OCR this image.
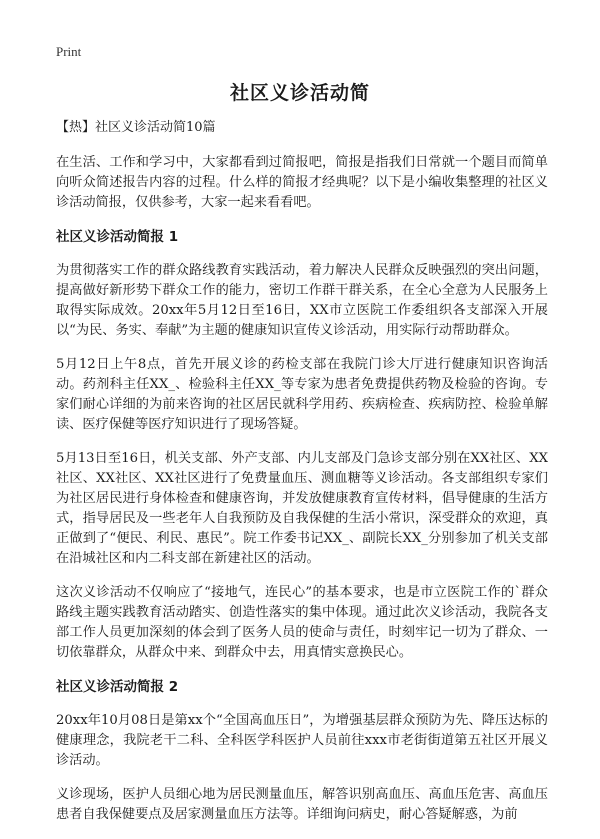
Print
社区义诊活动简
【热】社区义诊活动简10篇

在生活、工作和学习中，大家都看到过简报吧，简报是指我们日常就一个题目而简单向听众简述报告内容的过程。什么样的简报才经典呢？以下是小编收集整理的社区义诊活动简报，仅供参考，大家一起来看看吧。

社区义诊活动简报 1

为贯彻落实工作的群众路线教育实践活动，着力解决人民群众反映强烈的突出问题，提高做好新形势下群众工作的能力，密切工作群干群关系，在全心全意为人民服务上取得实际成效。20xx年5月12日至16日，XX市立医院工作委组织各支部深入开展以“为民、务实、奉献”为主题的健康知识宣传义诊活动，用实际行动帮助群众。

5月12日上午8点，首先开展义诊的药检支部在我院门诊大厅进行健康知识咨询活动。药剂科主任XX_、检验科主任XX_等专家为患者免费提供药物及检验的咨询。专家们耐心详细的为前来咨询的社区居民就科学用药、疾病检查、疾病防控、检验单解读、医疗保健等医疗知识进行了现场答疑。

5月13日至16日，机关支部、外产支部、内儿支部及门急诊支部分别在XX社区、XX社区、XX社区、XX社区进行了免费量血压、测血糖等义诊活动。各支部组织专家们为社区居民进行身体检查和健康咨询，并发放健康教育宣传材料，倡导健康的生活方式，指导居民及一些老年人自我预防及自我保健的生活小常识，深受群众的欢迎，真正做到了“便民、利民、惠民”。院工作委书记XX_、副院长XX_分别参加了机关支部在沿城社区和内二科支部在新建社区的活动。

这次义诊活动不仅响应了“接地气，连民心”的基本要求，也是市立医院工作的`群众路线主题实践教育活动踏实、创造性落实的集中体现。通过此次义诊活动，我院各支部工作人员更加深刻的体会到了医务人员的使命与责任，时刻牢记一切为了群众、一切依靠群众，从群众中来、到群众中去，用真情实意换民心。

社区义诊活动简报 2

20xx年10月08日是第xx个“全国高血压日”，为增强基层群众预防为先、降压达标的健康理念，我院老干二科、全科医学科医护人员前往xxx市老街街道第五社区开展义诊活动。

义诊现场，医护人员细心地为居民测量血压，解答识别高血压、高血压危害、高血压患者自我保健要点及居家测量血压方法等。详细询问病史，耐心答疑解惑，为前
